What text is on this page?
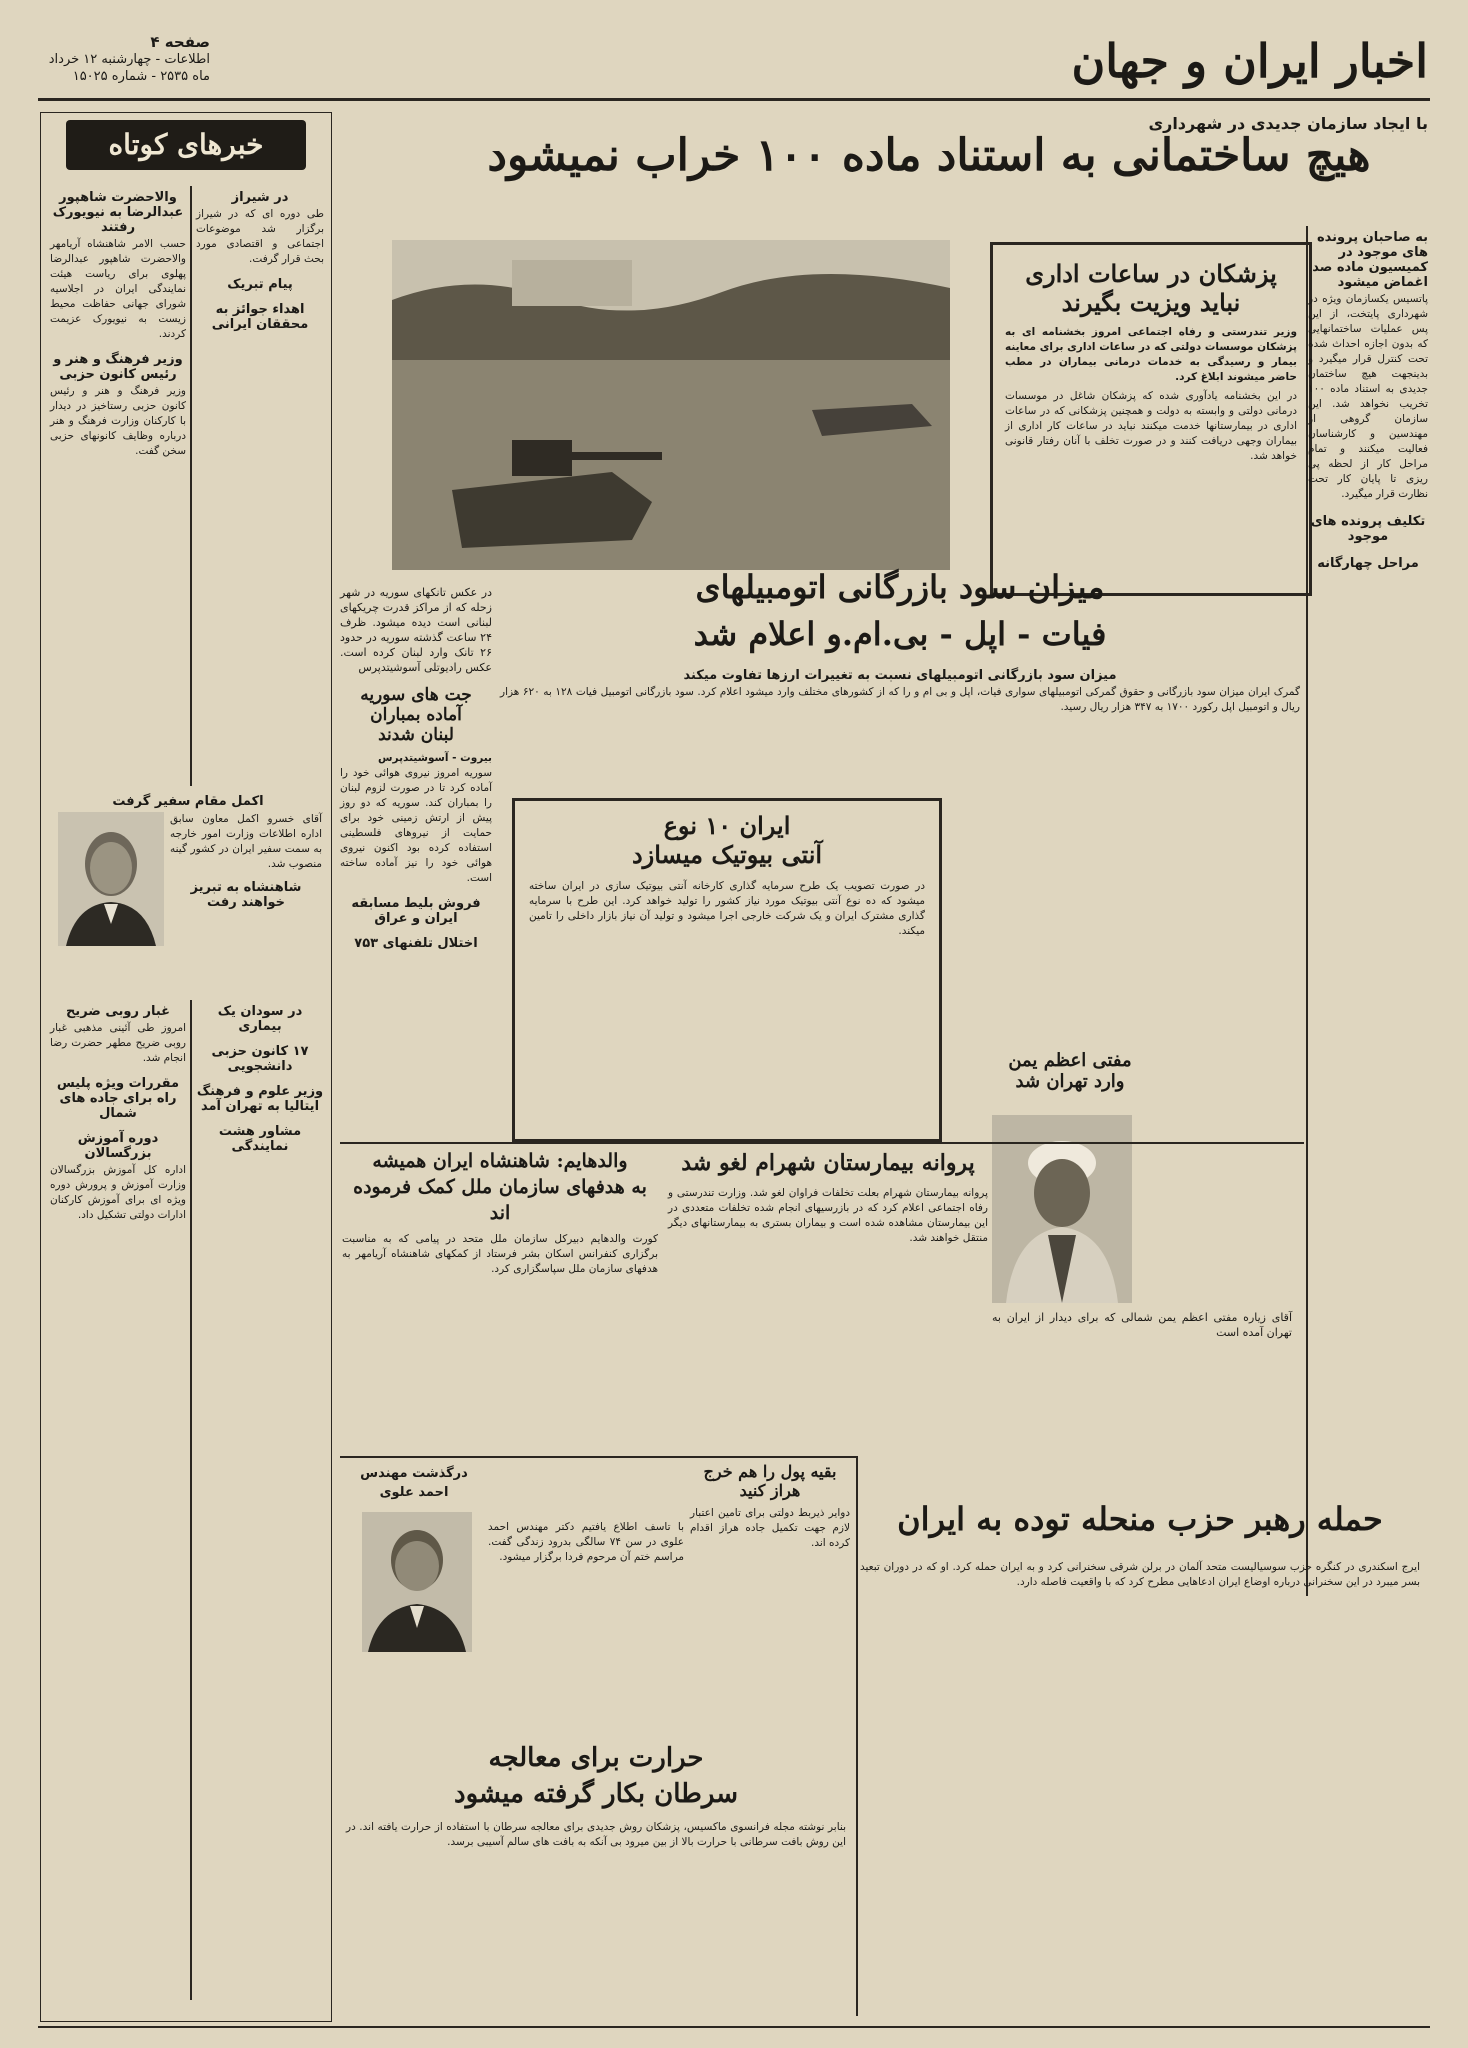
اخبار ایران و جهان
صفحه ۴
اطلاعات - چهارشنبه ۱۲ خرداد
ماه ۲۵۳۵ - شماره ۱۵۰۲۵
با ایجاد سازمان جدیدی در شهرداری
هیچ ساختمانی به استناد ماده ۱۰۰ خراب نمیشود
خبرهای کوتاه
والاحضرت شاهپور عبدالرضا به نیویورک رفتند
حسب الامر شاهنشاه آریامهر والاحضرت شاهپور عبدالرضا پهلوی برای ریاست هیئت نمایندگی ایران در اجلاسیه شورای جهانی حفاظت محیط زیست به نیویورک عزیمت کردند.
وزیر فرهنگ و هنر و رئیس کانون حزبی
وزیر فرهنگ و هنر و رئیس کانون حزبی رستاخیز در دیدار با کارکنان وزارت فرهنگ و هنر درباره وظایف کانونهای حزبی سخن گفت.
در شیراز
طی دوره ای که در شیراز برگزار شد موضوعات اجتماعی و اقتصادی مورد بحث قرار گرفت.
پیام تبریک
اهداء جوائز به محققان ایرانی
اکمل مقام سفیر گرفت
آقای خسرو اکمل معاون سابق اداره اطلاعات وزارت امور خارجه به سمت سفیر ایران در کشور گینه منصوب شد.
شاهنشاه به تبریز خواهند رفت
غبار روبی ضریح
امروز طی آئینی مذهبی غبار روبی ضریح مطهر حضرت رضا انجام شد.
مقررات ویژه پلیس راه برای جاده های شمال
دوره آموزش بزرگسالان
اداره کل آموزش بزرگسالان وزارت آموزش و پرورش دوره ویژه ای برای آموزش کارکنان ادارات دولتی تشکیل داد.
در سودان یک بیماری
۱۷ کانون حزبی دانشجویی
وزیر علوم و فرهنگ ایتالیا به تهران آمد
مشاور هشت نمایندگی
در عکس تانکهای سوریه در شهر زحله که از مراکز قدرت چریکهای لبنانی است دیده میشود. ظرف ۲۴ ساعت گذشته سوریه در حدود ۲۶ تانک وارد لبنان کرده است. عکس رادیوتلی آسوشیتدپرس
جت های سوریه
آماده بمباران
لبنان شدند
بیروت - آسوشیتدپرس
سوریه امروز نیروی هوائی خود را آماده کرد تا در صورت لزوم لبنان را بمباران کند. سوریه که دو روز پیش از ارتش زمینی خود برای حمایت از نیروهای فلسطینی استفاده کرده بود اکنون نیروی هوائی خود را نیز آماده ساخته است.
فروش بلیط مسابقه ایران و عراق
اختلال تلفنهای ۷۵۳
پزشکان در ساعات اداری
نباید ویزیت بگیرند
وزیر تندرستی و رفاه اجتماعی امروز بخشنامه ای به پزشکان موسسات دولتی که در ساعات اداری برای معاینه بیمار و رسیدگی به خدمات درمانی بیماران در مطب حاضر میشوند ابلاغ کرد.
در این بخشنامه یادآوری شده که پزشکان شاغل در موسسات درمانی دولتی و وابسته به دولت و همچنین پزشکانی که در ساعات اداری در بیمارستانها خدمت میکنند نباید در ساعات کار اداری از بیماران وجهی دریافت کنند و در صورت تخلف با آنان رفتار قانونی خواهد شد.
به صاحبان پرونده های موجود در کمیسیون ماده صد اغماض میشود
پاتسیس یکسازمان ویژه در شهرداری پایتخت، از این پس عملیات ساختمانهایی که بدون اجازه احداث شده تحت کنترل قرار میگیرد و بدینجهت هیچ ساختمان جدیدی به استناد ماده ۱۰۰ تخریب نخواهد شد. این سازمان گروهی از مهندسین و کارشناسان فعالیت میکنند و تمام مراحل کار از لحظه پی ریزی تا پایان کار تحت نظارت قرار میگیرد.
تکلیف پرونده های موجود
مراحل چهارگانه
میزان سود بازرگانی اتومبیلهای
فیات - اپل - بی.ام.و اعلام شد
میزان سود بازرگانی اتومبیلهای نسبت به تغییرات ارزها تفاوت میکند
گمرک ایران میزان سود بازرگانی و حقوق گمرکی اتومبیلهای سواری فیات، اپل و بی ام و را که از کشورهای مختلف وارد میشود اعلام کرد. سود بازرگانی اتومبیل فیات ۱۲۸ به ۶۲۰ هزار ریال و اتومبیل اپل رکورد ۱۷۰۰ به ۳۴۷ هزار ریال رسید.
ایران ۱۰ نوع
آنتی بیوتیک میسازد
در صورت تصویب یک طرح سرمایه گذاری کارخانه آنتی بیوتیک سازی در ایران ساخته میشود که ده نوع آنتی بیوتیک مورد نیاز کشور را تولید خواهد کرد. این طرح با سرمایه گذاری مشترک ایران و یک شرکت خارجی اجرا میشود و تولید آن نیاز بازار داخلی را تامین میکند.
مفتی اعظم یمن
وارد تهران شد
آقای زیاره مفتی اعظم یمن شمالی که برای دیدار از ایران به تهران آمده است
والدهایم: شاهنشاه ایران همیشه
به هدفهای سازمان ملل کمک فرموده اند
کورت والدهایم دبیرکل سازمان ملل متحد در پیامی که به مناسبت برگزاری کنفرانس اسکان بشر فرستاد از کمکهای شاهنشاه آریامهر به هدفهای سازمان ملل سپاسگزاری کرد.
پروانه بیمارستان شهرام لغو شد
پروانه بیمارستان شهرام بعلت تخلفات فراوان لغو شد. وزارت تندرستی و رفاه اجتماعی اعلام کرد که در بازرسیهای انجام شده تخلفات متعددی در این بیمارستان مشاهده شده است و بیماران بستری به بیمارستانهای دیگر منتقل خواهند شد.
حمله رهبر حزب منحله توده به ایران
ایرج اسکندری در کنگره حزب سوسیالیست متحد آلمان در برلن شرقی سخنرانی کرد و به ایران حمله کرد. او که در دوران تبعید بسر میبرد در این سخنرانی درباره اوضاع ایران ادعاهایی مطرح کرد که با واقعیت فاصله دارد.
بقیه پول را هم خرج
هراز کنید
دوایر ذیربط دولتی برای تامین اعتبار لازم جهت تکمیل جاده هراز اقدام کرده اند.
درگذشت مهندس
احمد علوی
با تاسف اطلاع یافتیم دکتر مهندس احمد علوی در سن ۷۴ سالگی بدرود زندگی گفت. مراسم ختم آن مرحوم فردا برگزار میشود.
حرارت برای معالجه
سرطان بکار گرفته میشود
بنابر نوشته مجله فرانسوی ماکسیس، پزشکان روش جدیدی برای معالجه سرطان با استفاده از حرارت یافته اند. در این روش بافت سرطانی با حرارت بالا از بین میرود بی آنکه به بافت های سالم آسیبی برسد.
